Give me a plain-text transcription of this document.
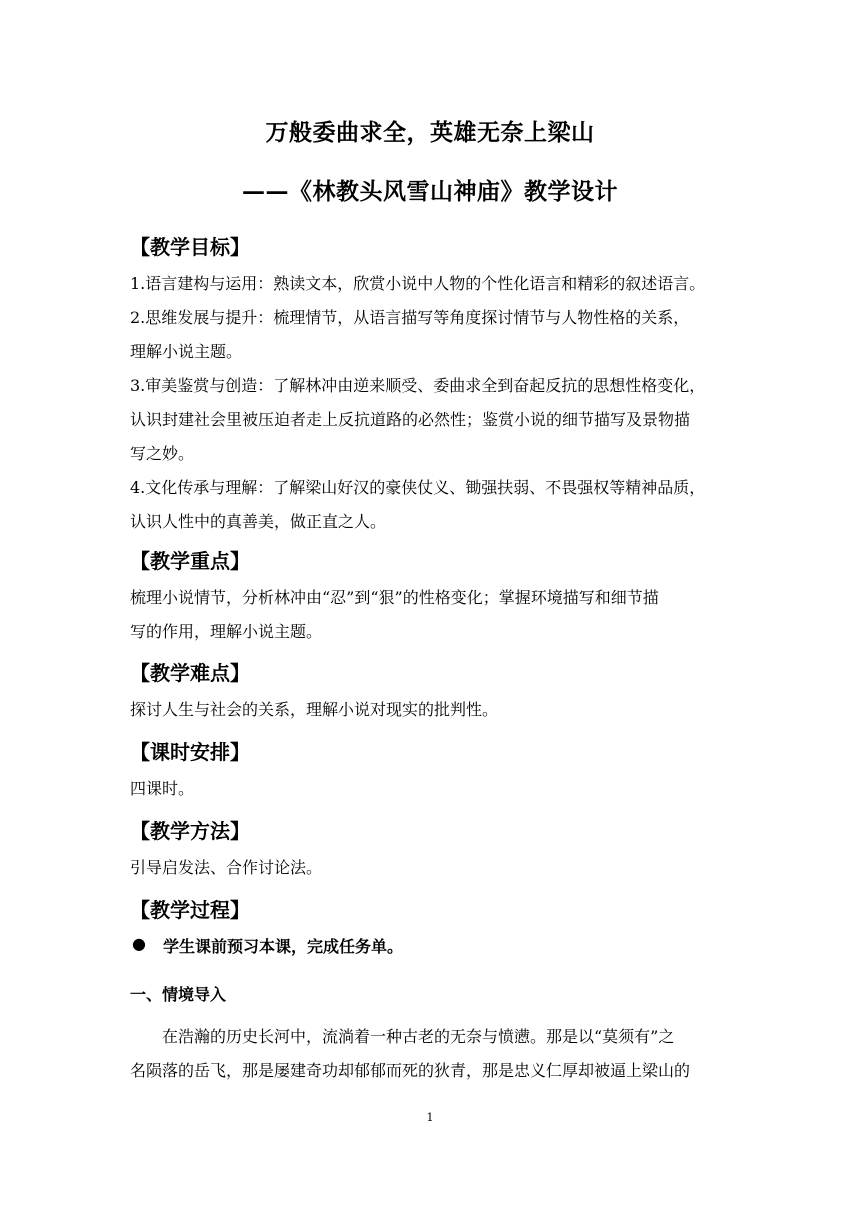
万般委曲求全，英雄无奈上梁山
——《林教头风雪山神庙》教学设计
【教学目标】
1.语言建构与运用：熟读文本，欣赏小说中人物的个性化语言和精彩的叙述语言。
2.思维发展与提升：梳理情节，从语言描写等角度探讨情节与人物性格的关系，
理解小说主题。
3.审美鉴赏与创造：了解林冲由逆来顺受、委曲求全到奋起反抗的思想性格变化，
认识封建社会里被压迫者走上反抗道路的必然性；鉴赏小说的细节描写及景物描
写之妙。
4.文化传承与理解：了解梁山好汉的豪侠仗义、锄强扶弱、不畏强权等精神品质，
认识人性中的真善美，做正直之人。
【教学重点】
梳理小说情节，分析林冲由“忍”到“狠”的性格变化；掌握环境描写和细节描
写的作用，理解小说主题。
【教学难点】
探讨人生与社会的关系，理解小说对现实的批判性。
【课时安排】
四课时。
【教学方法】
引导启发法、合作讨论法。
【教学过程】
● 学生课前预习本课，完成任务单。
一、情境导入
在浩瀚的历史长河中，流淌着一种古老的无奈与愤懑。那是以“莫须有”之
名陨落的岳飞，那是屡建奇功却郁郁而死的狄青，那是忠义仁厚却被逼上梁山的
1
